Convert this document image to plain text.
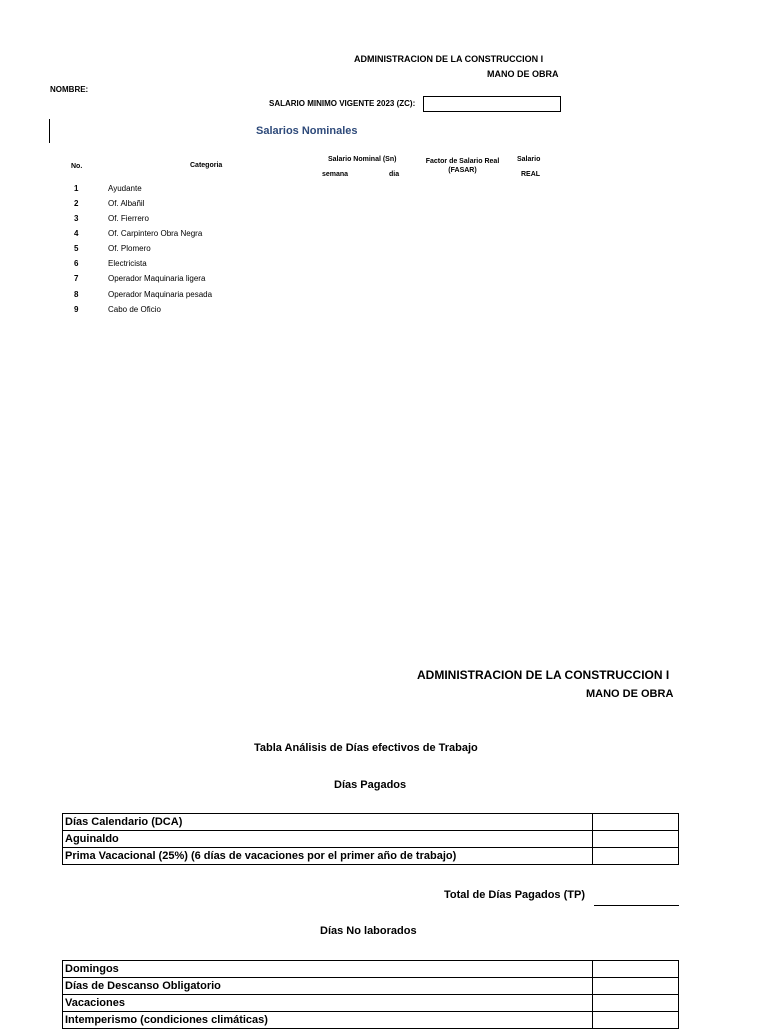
ADMINISTRACION DE LA CONSTRUCCION I
MANO DE OBRA
NOMBRE:
SALARIO MINIMO VIGENTE 2023 (ZC):
Salarios Nominales
No.	Categoria
Salario Nominal (Sn)
semana	dia
Factor de Salario Real (FASAR)
Salario
REAL
1	Ayudante
2	Of. Albañil
3	Of. Fierrero
4	Of. Carpintero Obra Negra
5	Of. Plomero
6	Electricista
7	Operador Maquinaria ligera
8	Operador Maquinaria pesada
9	Cabo de Oficio
ADMINISTRACION DE LA CONSTRUCCION I
MANO DE OBRA
Tabla Análisis de Días efectivos de Trabajo
Días Pagados
Días Calendario (DCA)	
Aguinaldo	
Prima Vacacional (25%) (6 días de vacaciones por el primer año de trabajo)	
Total de Días Pagados (TP)
Días No laborados
Domingos	
Días de Descanso Obligatorio	
Vacaciones	
Intemperismo (condiciones climáticas)	
